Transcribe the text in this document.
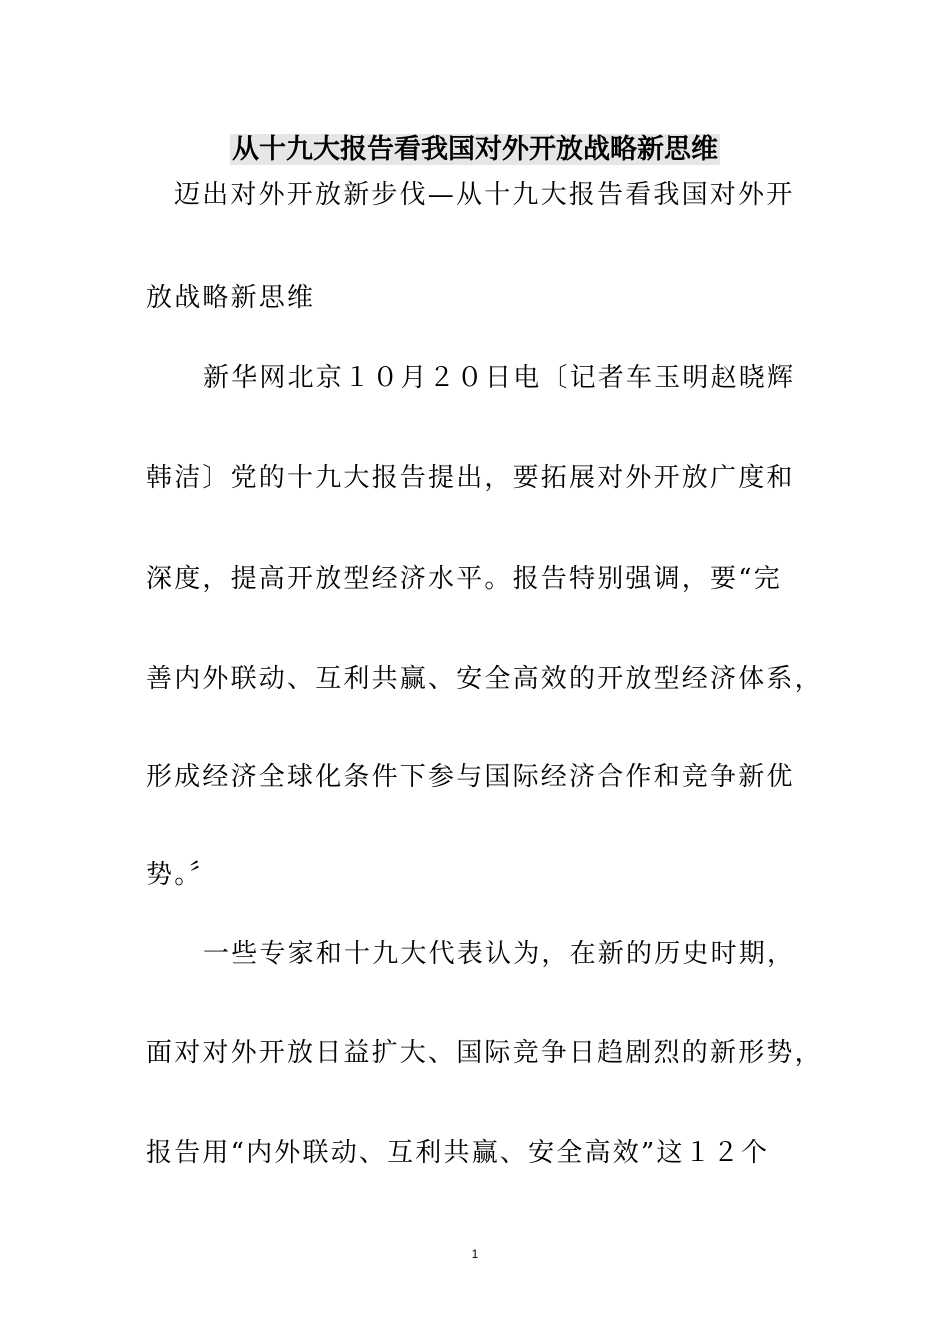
从十九大报告看我国对外开放战略新思维
迈出对外开放新步伐—从十九大报告看我国对外开
放战略新思维
新华网北京１０月２０日电〔记者车玉明赵晓辉
韩洁〕党的十九大报告提出，要拓展对外开放广度和
深度，提高开放型经济水平。报告特别强调，要“完
善内外联动、互利共赢、安全高效的开放型经济体系，
形成经济全球化条件下参与国际经济合作和竞争新优
势。〞
一些专家和十九大代表认为，在新的历史时期，
面对对外开放日益扩大、国际竞争日趋剧烈的新形势，
报告用“内外联动、互利共赢、安全高效”这１２个
1
